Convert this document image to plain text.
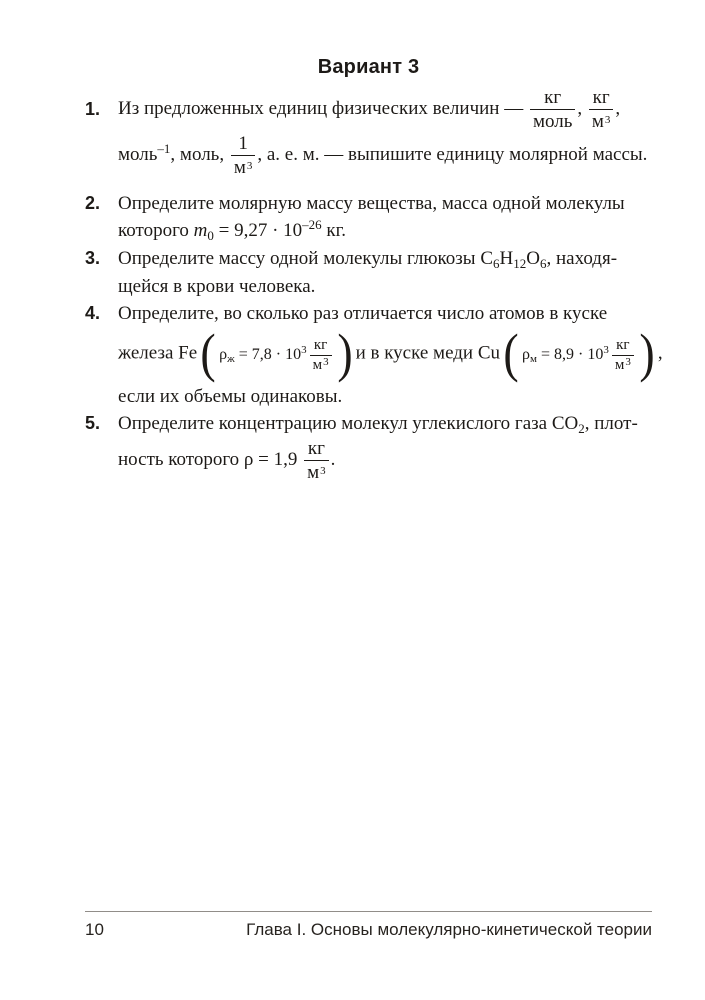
Вариант 3
1. Из предложенных единиц физических величин — $\frac{кг}{\text{моль}}$ , $\frac{кг}{м^3}$ ,
моль$^{-1}$, моль, $\frac{1}{м^3}$ , а. е. м. — выпишите единицу молярной массы.
2. Определите молярную массу вещества, масса одной молекулы
которого $m_0 = 9,27 \cdot 10^{-26}$ кг.
3. Определите массу одной молекулы глюкозы $C_6H_{12}O_6$, находя-
щейся в крови человека.
4. Определите, во сколько раз отличается число атомов в куске
железа Fe( $\rho ж = 7,8 \cdot 10^3 \frac{кг}{м^3}$ ) и в куске меди Cu( $\rho м = 8,9 \cdot 10^3 \frac{кг}{м^3}$ ) ,
если их объемы одинаковы.
5. Определите концентрацию молекул углекислого газа $CO_2$, плот-
ность которого $\rho = 1,9 \frac{кг}{м^3}$ .
10	Глава I. Основы молекулярно-кинетической теории
